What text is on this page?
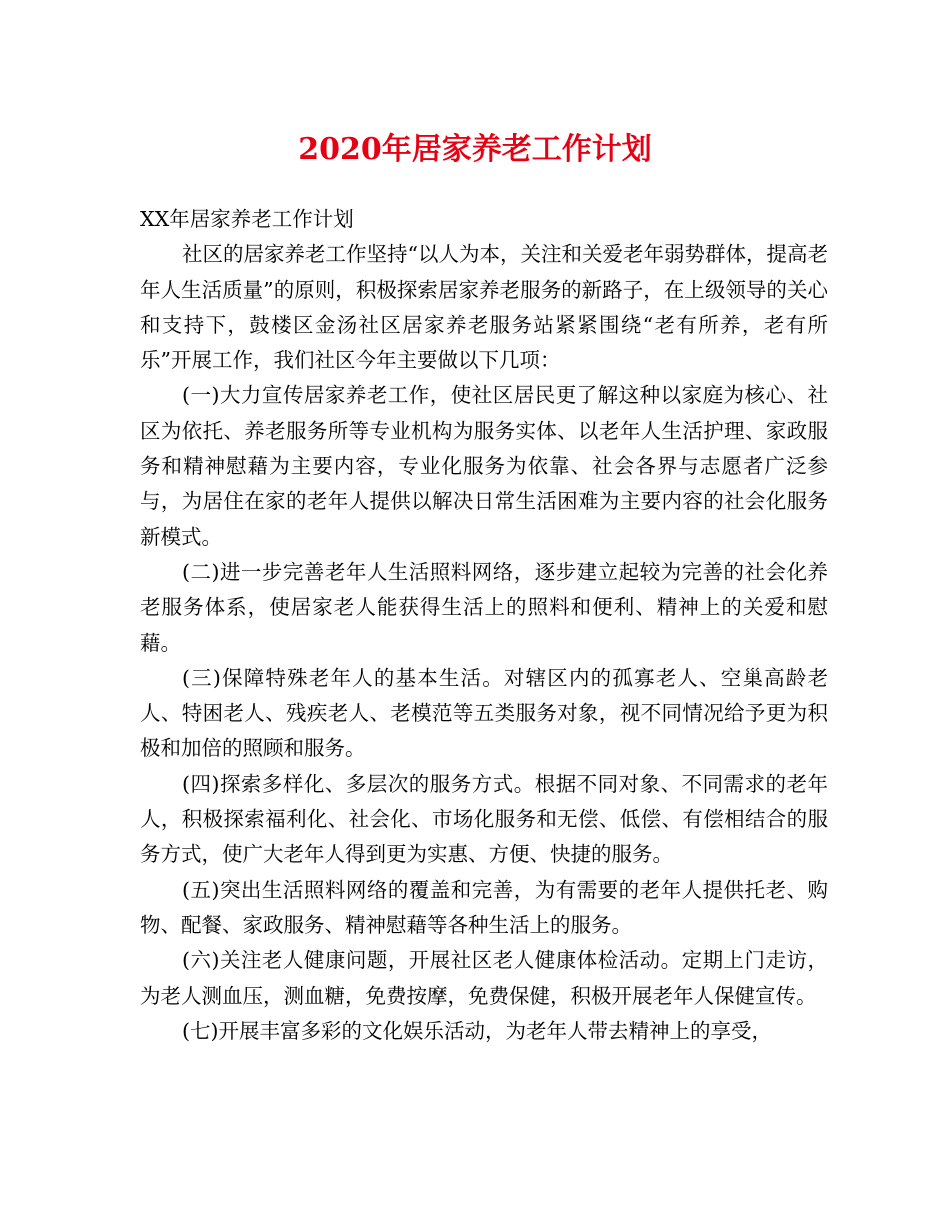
2020年居家养老工作计划

XX年居家养老工作计划

社区的居家养老工作坚持“以人为本，关注和关爱老年弱势群体，提高老年人生活质量”的原则，积极探索居家养老服务的新路子，在上级领导的关心和支持下，鼓楼区金汤社区居家养老服务站紧紧围绕“老有所养，老有所乐”开展工作，我们社区今年主要做以下几项：

(一)大力宣传居家养老工作，使社区居民更了解这种以家庭为核心、社区为依托、养老服务所等专业机构为服务实体、以老年人生活护理、家政服务和精神慰藉为主要内容，专业化服务为依靠、社会各界与志愿者广泛参与，为居住在家的老年人提供以解决日常生活困难为主要内容的社会化服务新模式。

(二)进一步完善老年人生活照料网络，逐步建立起较为完善的社会化养老服务体系，使居家老人能获得生活上的照料和便利、精神上的关爱和慰藉。

(三)保障特殊老年人的基本生活。对辖区内的孤寡老人、空巢高龄老人、特困老人、残疾老人、老模范等五类服务对象，视不同情况给予更为积极和加倍的照顾和服务。

(四)探索多样化、多层次的服务方式。根据不同对象、不同需求的老年人，积极探索福利化、社会化、市场化服务和无偿、低偿、有偿相结合的服务方式，使广大老年人得到更为实惠、方便、快捷的服务。

(五)突出生活照料网络的覆盖和完善，为有需要的老年人提供托老、购物、配餐、家政服务、精神慰藉等各种生活上的服务。

(六)关注老人健康问题，开展社区老人健康体检活动。定期上门走访，为老人测血压，测血糖，免费按摩，免费保健，积极开展老年人保健宣传。

(七)开展丰富多彩的文化娱乐活动，为老年人带去精神上的享受，
